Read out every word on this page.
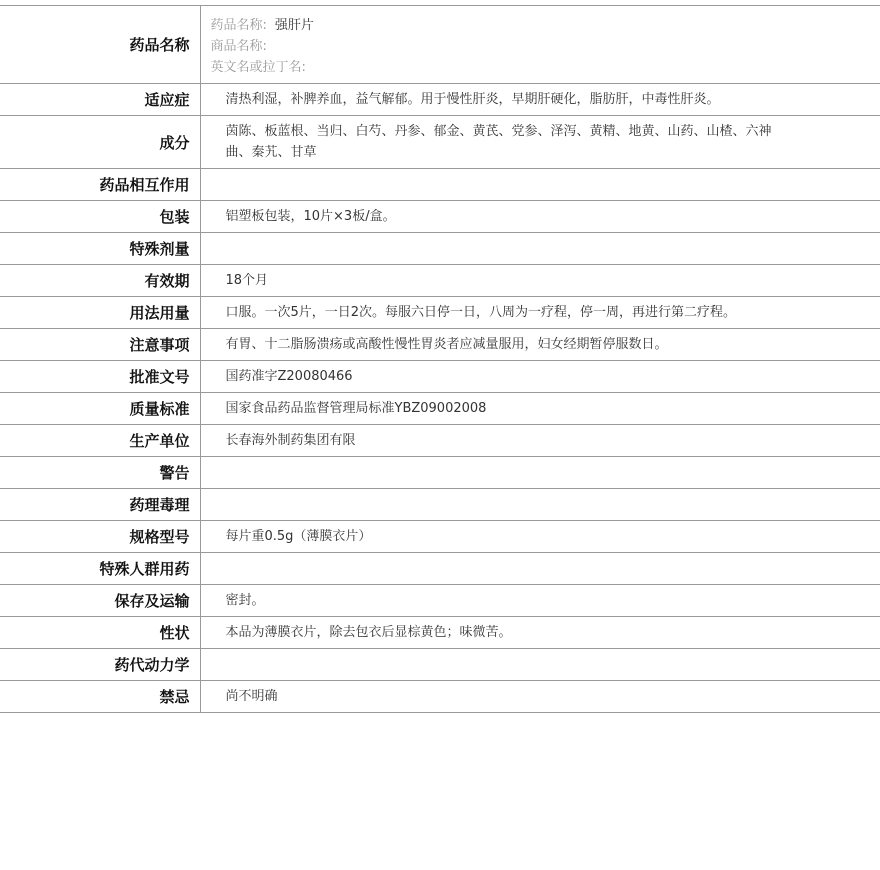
药品名称	药品名称: 强肝片
商品名称:
英文名或拉丁名:

适应症	清热利湿，补脾养血，益气解郁。用于慢性肝炎，早期肝硬化，脂肪肝，中毒性肝炎。
成分	茵陈、板蓝根、当归、白芍、丹参、郁金、黄芪、党参、泽泻、黄精、地黄、山药、山楂、六神曲、秦艽、甘草
药品相互作用	
包装	铝塑板包装，10片×3板/盒。
特殊剂量	
有效期	18个月
用法用量	口服。一次5片，一日2次。每服六日停一日，八周为一疗程，停一周，再进行第二疗程。
注意事项	有胃、十二脂肠溃疡或高酸性慢性胃炎者应减量服用，妇女经期暂停服数日。
批准文号	国药准字Z20080466
质量标准	国家食品药品监督管理局标准YBZ09002008
生产单位	长春海外制药集团有限
警告	
药理毒理	
规格型号	每片重0.5g（薄膜衣片）
特殊人群用药	
保存及运输	密封。
性状	本品为薄膜衣片，除去包衣后显棕黄色；味微苦。
药代动力学	
禁忌	尚不明确
